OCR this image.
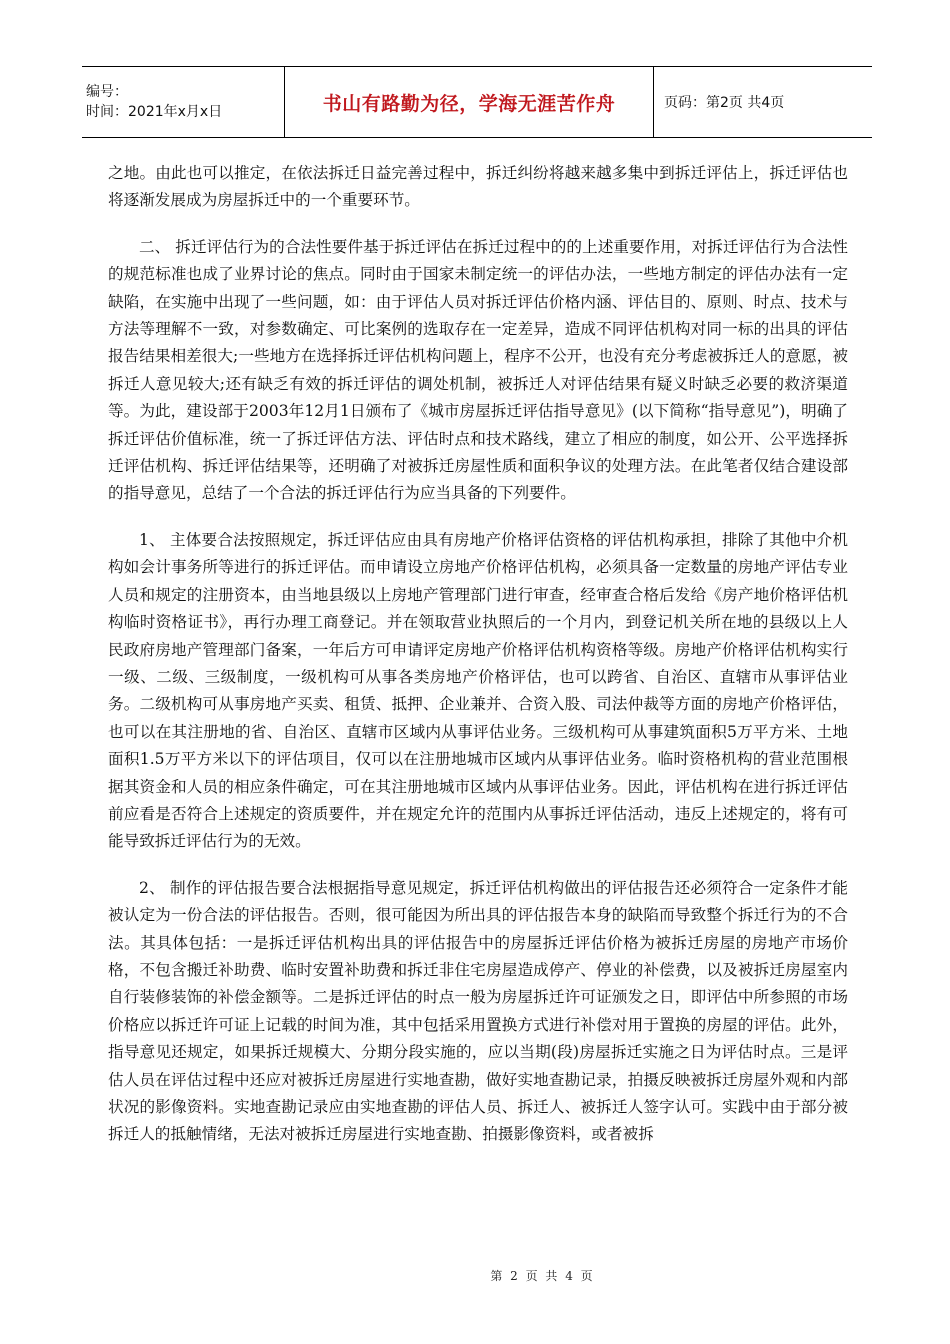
编号：
时间：2021年x月x日	书山有路勤为径，学海无涯苦作舟	页码：第2页 共4页

之地。由此也可以推定，在依法拆迁日益完善过程中，拆迁纠纷将越来越多集中到拆迁评估上，拆迁评估也将逐渐发展成为房屋拆迁中的一个重要环节。

二、 拆迁评估行为的合法性要件基于拆迁评估在拆迁过程中的的上述重要作用，对拆迁评估行为合法性的规范标准也成了业界讨论的焦点。同时由于国家未制定统一的评估办法，一些地方制定的评估办法有一定缺陷，在实施中出现了一些问题，如：由于评估人员对拆迁评估价格内涵、评估目的、原则、时点、技术与方法等理解不一致，对参数确定、可比案例的选取存在一定差异，造成不同评估机构对同一标的出具的评估报告结果相差很大;一些地方在选择拆迁评估机构问题上，程序不公开，也没有充分考虑被拆迁人的意愿，被拆迁人意见较大;还有缺乏有效的拆迁评估的调处机制，被拆迁人对评估结果有疑义时缺乏必要的救济渠道等。为此，建设部于2003年12月1日颁布了《城市房屋拆迁评估指导意见》(以下简称“指导意见”)，明确了拆迁评估价值标准，统一了拆迁评估方法、评估时点和技术路线，建立了相应的制度，如公开、公平选择拆迁评估机构、拆迁评估结果等，还明确了对被拆迁房屋性质和面积争议的处理方法。在此笔者仅结合建设部的指导意见，总结了一个合法的拆迁评估行为应当具备的下列要件。

1、 主体要合法按照规定，拆迁评估应由具有房地产价格评估资格的评估机构承担，排除了其他中介机构如会计事务所等进行的拆迁评估。而申请设立房地产价格评估机构，必须具备一定数量的房地产评估专业人员和规定的注册资本，由当地县级以上房地产管理部门进行审查，经审查合格后发给《房产地价格评估机构临时资格证书》，再行办理工商登记。并在领取营业执照后的一个月内，到登记机关所在地的县级以上人民政府房地产管理部门备案，一年后方可申请评定房地产价格评估机构资格等级。房地产价格评估机构实行一级、二级、三级制度，一级机构可从事各类房地产价格评估，也可以跨省、自治区、直辖市从事评估业务。二级机构可从事房地产买卖、租赁、抵押、企业兼并、合资入股、司法仲裁等方面的房地产价格评估，也可以在其注册地的省、自治区、直辖市区域内从事评估业务。三级机构可从事建筑面积5万平方米、土地面积1.5万平方米以下的评估项目，仅可以在注册地城市区域内从事评估业务。临时资格机构的营业范围根据其资金和人员的相应条件确定，可在其注册地城市区域内从事评估业务。因此，评估机构在进行拆迁评估前应看是否符合上述规定的资质要件，并在规定允许的范围内从事拆迁评估活动，违反上述规定的，将有可能导致拆迁评估行为的无效。

2、 制作的评估报告要合法根据指导意见规定，拆迁评估机构做出的评估报告还必须符合一定条件才能被认定为一份合法的评估报告。否则，很可能因为所出具的评估报告本身的缺陷而导致整个拆迁行为的不合法。其具体包括：一是拆迁评估机构出具的评估报告中的房屋拆迁评估价格为被拆迁房屋的房地产市场价格，不包含搬迁补助费、临时安置补助费和拆迁非住宅房屋造成停产、停业的补偿费，以及被拆迁房屋室内自行装修装饰的补偿金额等。二是拆迁评估的时点一般为房屋拆迁许可证颁发之日，即评估中所参照的市场价格应以拆迁许可证上记载的时间为准，其中包括采用置换方式进行补偿对用于置换的房屋的评估。此外，指导意见还规定，如果拆迁规模大、分期分段实施的，应以当期(段)房屋拆迁实施之日为评估时点。三是评估人员在评估过程中还应对被拆迁房屋进行实地查勘，做好实地查勘记录，拍摄反映被拆迁房屋外观和内部状况的影像资料。实地查勘记录应由实地查勘的评估人员、拆迁人、被拆迁人签字认可。实践中由于部分被拆迁人的抵触情绪，无法对被拆迁房屋进行实地查勘、拍摄影像资料，或者被拆

第 2 页 共 4 页
